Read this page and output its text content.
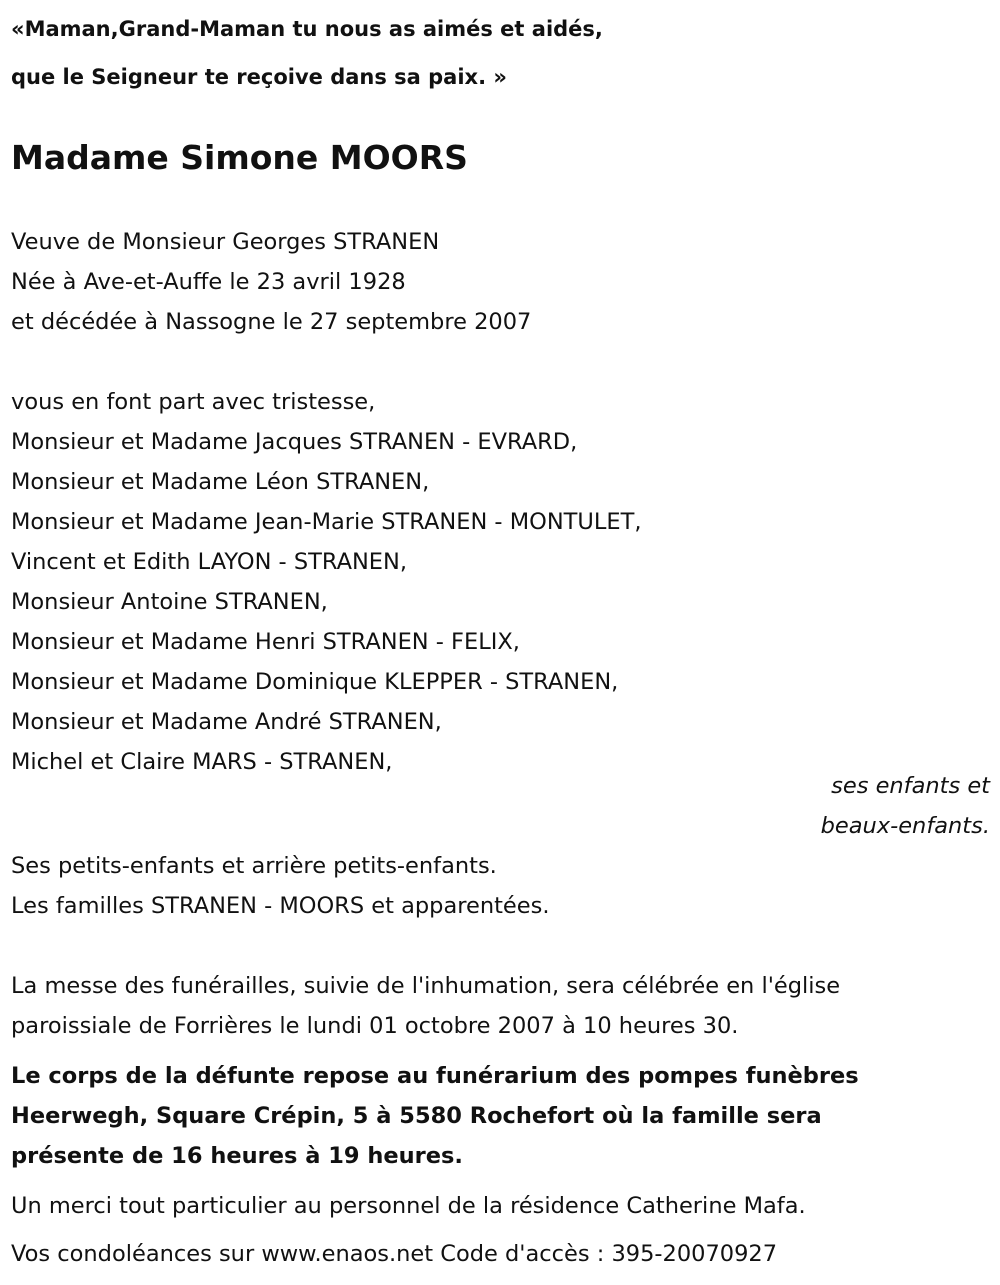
«Maman,Grand-Maman tu nous as aimés et aidés,
que le Seigneur te reçoive dans sa paix. »
Madame Simone MOORS
Veuve de Monsieur Georges STRANEN
Née à Ave-et-Auffe le 23 avril 1928
et décédée à Nassogne le 27 septembre 2007
vous en font part avec tristesse,
Monsieur et Madame Jacques STRANEN - EVRARD,
Monsieur et Madame Léon STRANEN,
Monsieur et Madame Jean-Marie STRANEN - MONTULET,
Vincent et Edith LAYON - STRANEN,
Monsieur Antoine STRANEN,
Monsieur et Madame Henri STRANEN - FELIX,
Monsieur et Madame Dominique KLEPPER - STRANEN,
Monsieur et Madame André STRANEN,
Michel et Claire MARS - STRANEN,
ses enfants et
beaux-enfants.
Ses petits-enfants et arrière petits-enfants.
Les familles STRANEN - MOORS et apparentées.
La messe des funérailles, suivie de l'inhumation, sera célébrée en l'église
paroissiale de Forrières le lundi 01 octobre 2007 à 10 heures 30.
Le corps de la défunte repose au funérarium des pompes funèbres
Heerwegh, Square Crépin, 5 à 5580 Rochefort où la famille sera
présente de 16 heures à 19 heures.
Un merci tout particulier au personnel de la résidence Catherine Mafa.
Vos condoléances sur www.enaos.net Code d'accès : 395-20070927
